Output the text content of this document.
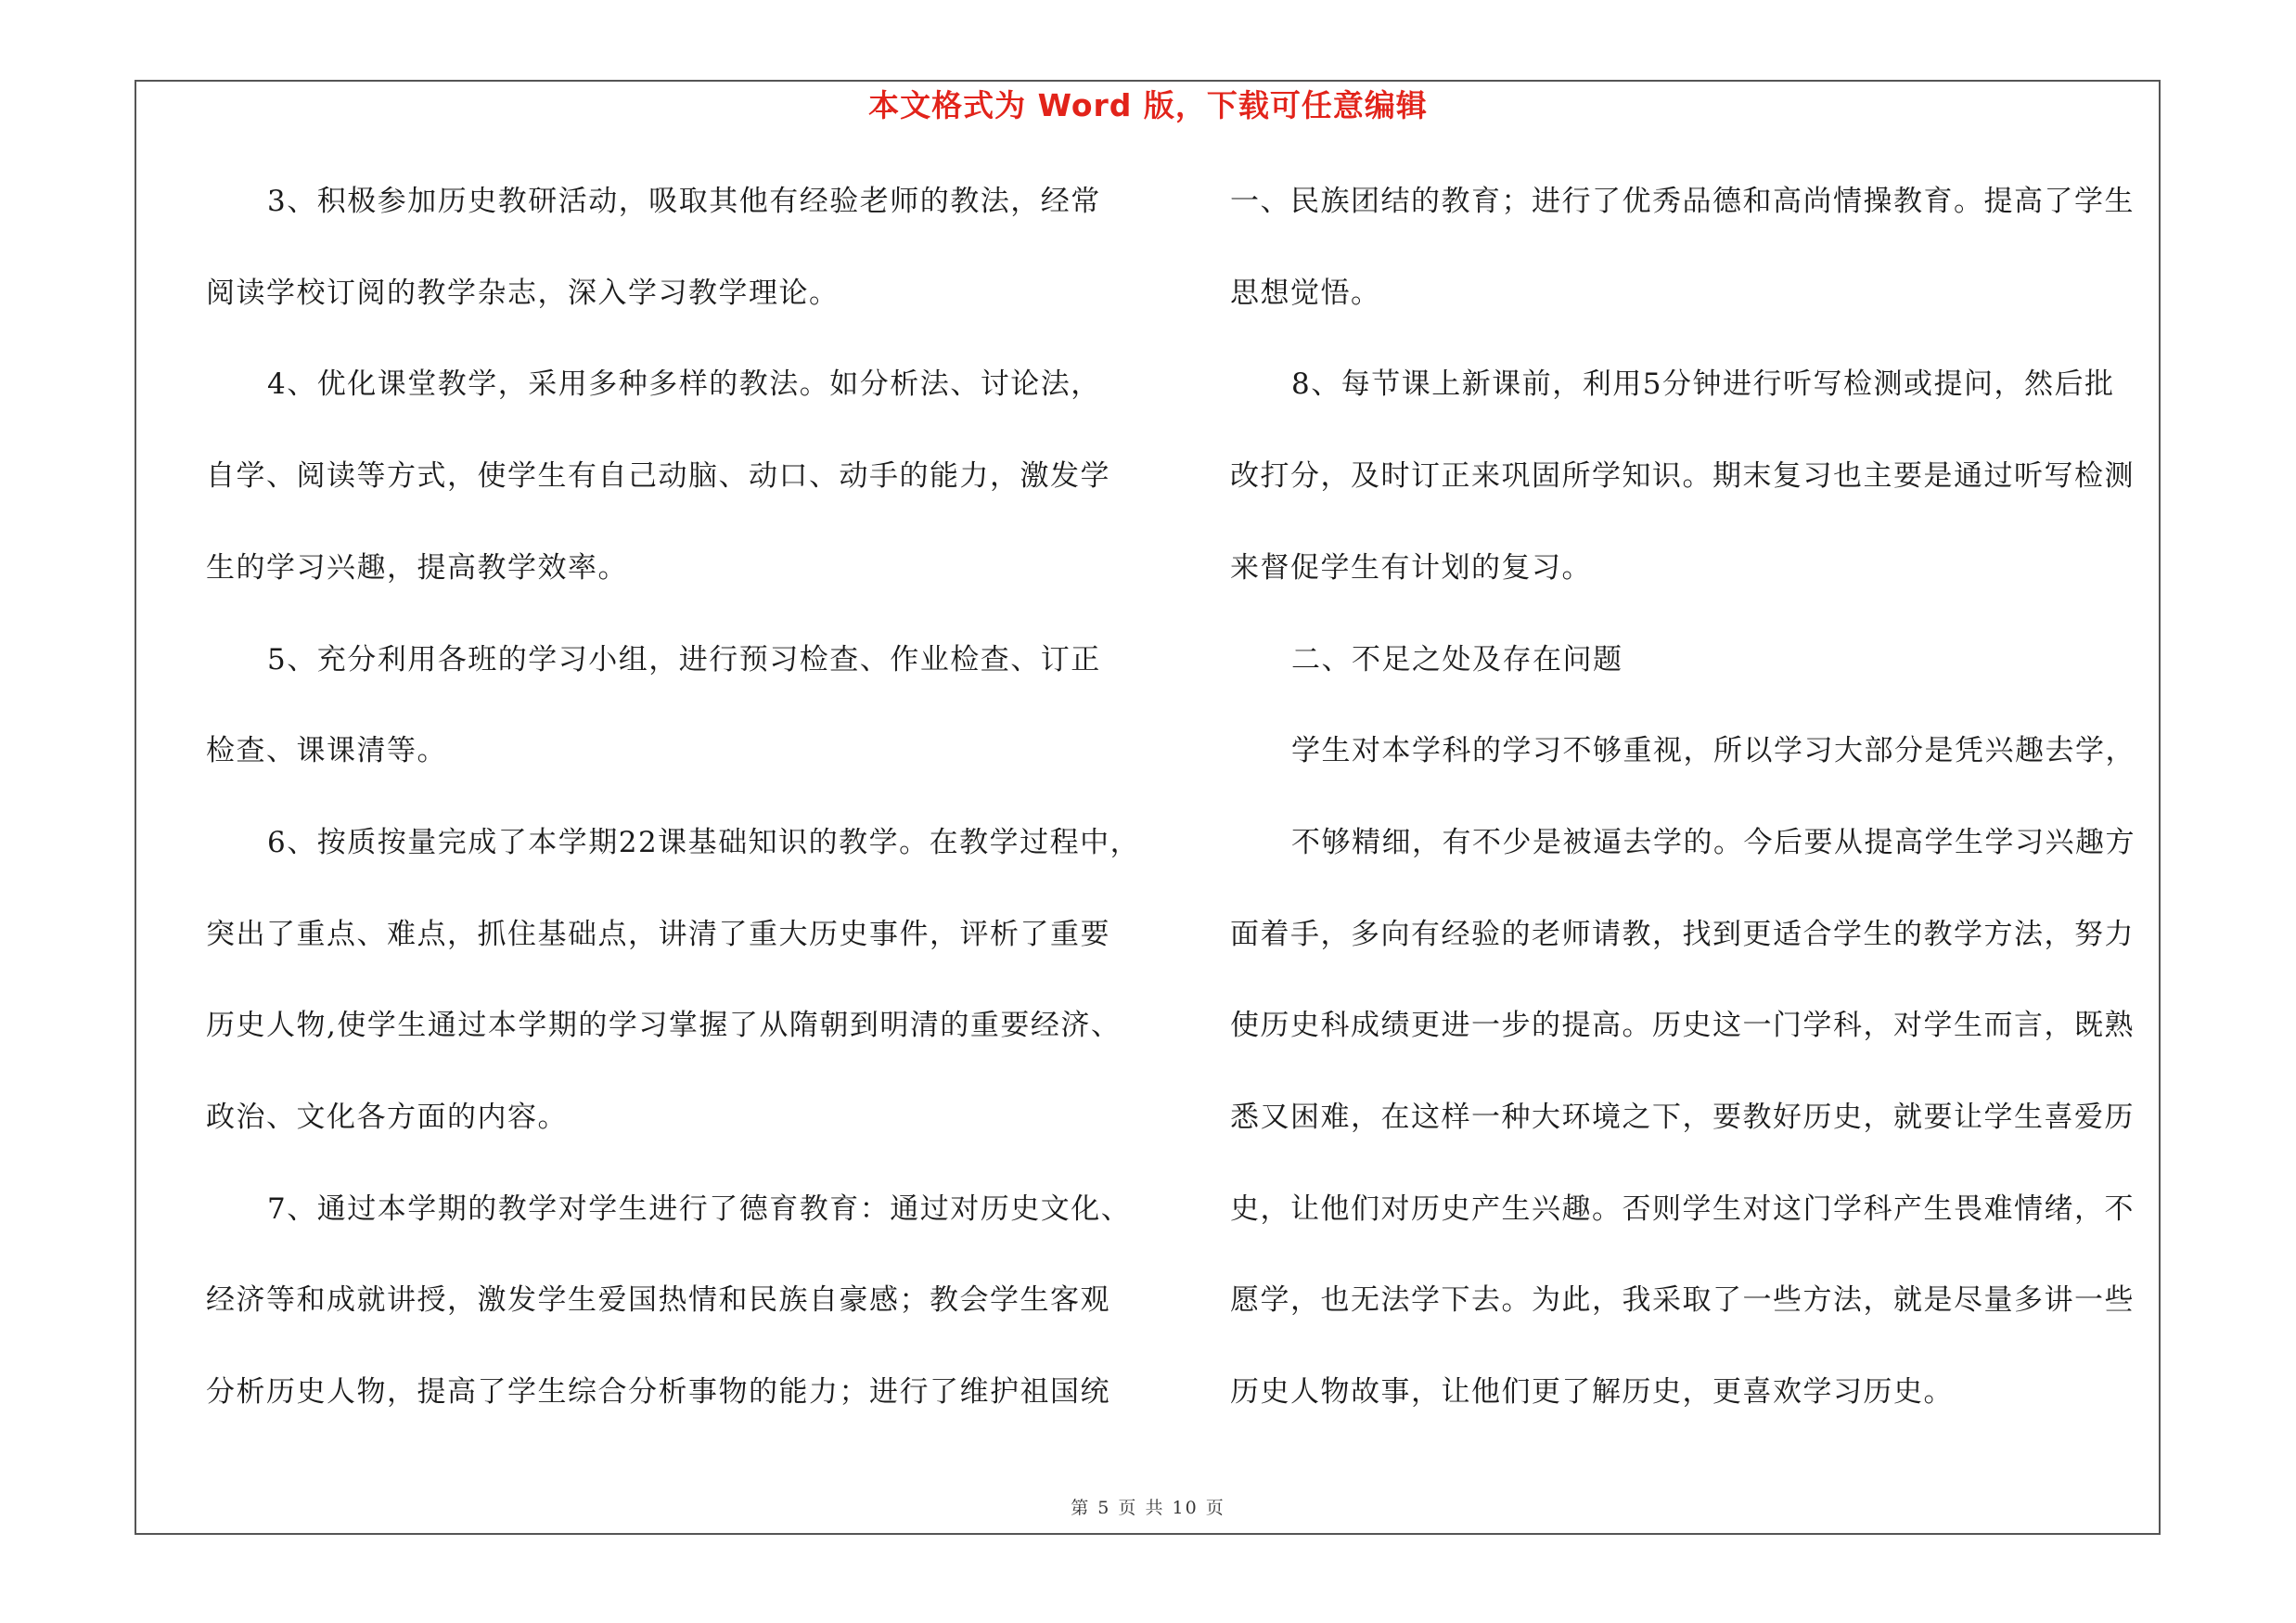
本文格式为 Word 版，下载可任意编辑
3、积极参加历史教研活动，吸取其他有经验老师的教法，经常
阅读学校订阅的教学杂志，深入学习教学理论。
4、优化课堂教学，采用多种多样的教法。如分析法、讨论法，
自学、阅读等方式，使学生有自己动脑、动口、动手的能力，激发学
生的学习兴趣，提高教学效率。
5、充分利用各班的学习小组，进行预习检查、作业检查、订正
检查、课课清等。
6、按质按量完成了本学期22课基础知识的教学。在教学过程中，
突出了重点、难点，抓住基础点，讲清了重大历史事件，评析了重要
历史人物,使学生通过本学期的学习掌握了从隋朝到明清的重要经济、
政治、文化各方面的内容。
7、通过本学期的教学对学生进行了德育教育：通过对历史文化、
经济等和成就讲授，激发学生爱国热情和民族自豪感；教会学生客观
分析历史人物，提高了学生综合分析事物的能力；进行了维护祖国统
一、民族团结的教育；进行了优秀品德和高尚情操教育。提高了学生
思想觉悟。
8、每节课上新课前，利用5分钟进行听写检测或提问，然后批
改打分，及时订正来巩固所学知识。期末复习也主要是通过听写检测
来督促学生有计划的复习。
二、不足之处及存在问题
学生对本学科的学习不够重视，所以学习大部分是凭兴趣去学，
不够精细，有不少是被逼去学的。今后要从提高学生学习兴趣方
面着手，多向有经验的老师请教，找到更适合学生的教学方法，努力
使历史科成绩更进一步的提高。历史这一门学科，对学生而言，既熟
悉又困难，在这样一种大环境之下，要教好历史，就要让学生喜爱历
史，让他们对历史产生兴趣。否则学生对这门学科产生畏难情绪，不
愿学，也无法学下去。为此，我采取了一些方法，就是尽量多讲一些
历史人物故事，让他们更了解历史，更喜欢学习历史。
第 5 页 共 10 页
